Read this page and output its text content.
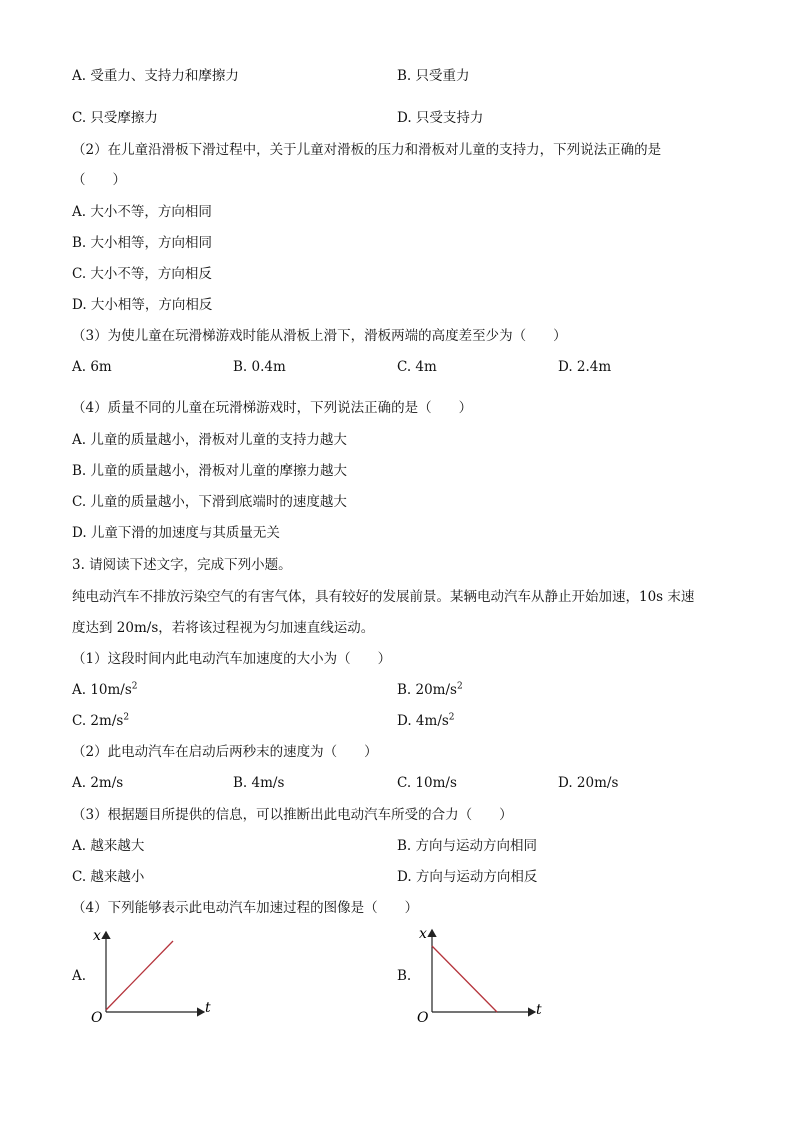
A. 受重力、支持力和摩擦力	B. 只受重力
C. 只受摩擦力	D. 只受支持力
（2）在儿童沿滑板下滑过程中，关于儿童对滑板的压力和滑板对儿童的支持力，下列说法正确的是
（　　）
A. 大小不等，方向相同
B. 大小相等，方向相同
C. 大小不等，方向相反
D. 大小相等，方向相反
（3）为使儿童在玩滑梯游戏时能从滑板上滑下，滑板两端的高度差至少为（　　）
A. 6m	B. 0.4m	C. 4m	D. 2.4m
（4）质量不同的儿童在玩滑梯游戏时，下列说法正确的是（　　）
A. 儿童的质量越小，滑板对儿童的支持力越大
B. 儿童的质量越小，滑板对儿童的摩擦力越大
C. 儿童的质量越小，下滑到底端时的速度越大
D. 儿童下滑的加速度与其质量无关
3. 请阅读下述文字，完成下列小题。
纯电动汽车不排放污染空气的有害气体，具有较好的发展前景。某辆电动汽车从静止开始加速，10s 末速
度达到 20m/s，若将该过程视为匀加速直线运动。
（1）这段时间内此电动汽车加速度的大小为（　　）
A. $10m/s^2$	B. $20m/s^2$
C. $2m/s^2$	D. $4m/s^2$
（2）此电动汽车在启动后两秒末的速度为（　　）
A. 2m/s	B. 4m/s	C. 10m/s	D. 20m/s
（3）根据题目所提供的信息，可以推断出此电动汽车所受的合力（　　）
A. 越来越大	B. 方向与运动方向相同
C. 越来越小	D. 方向与运动方向相反
（4）下列能够表示此电动汽车加速过程的图像是（　　）
A.	B.
x
t
O
x
t
O
